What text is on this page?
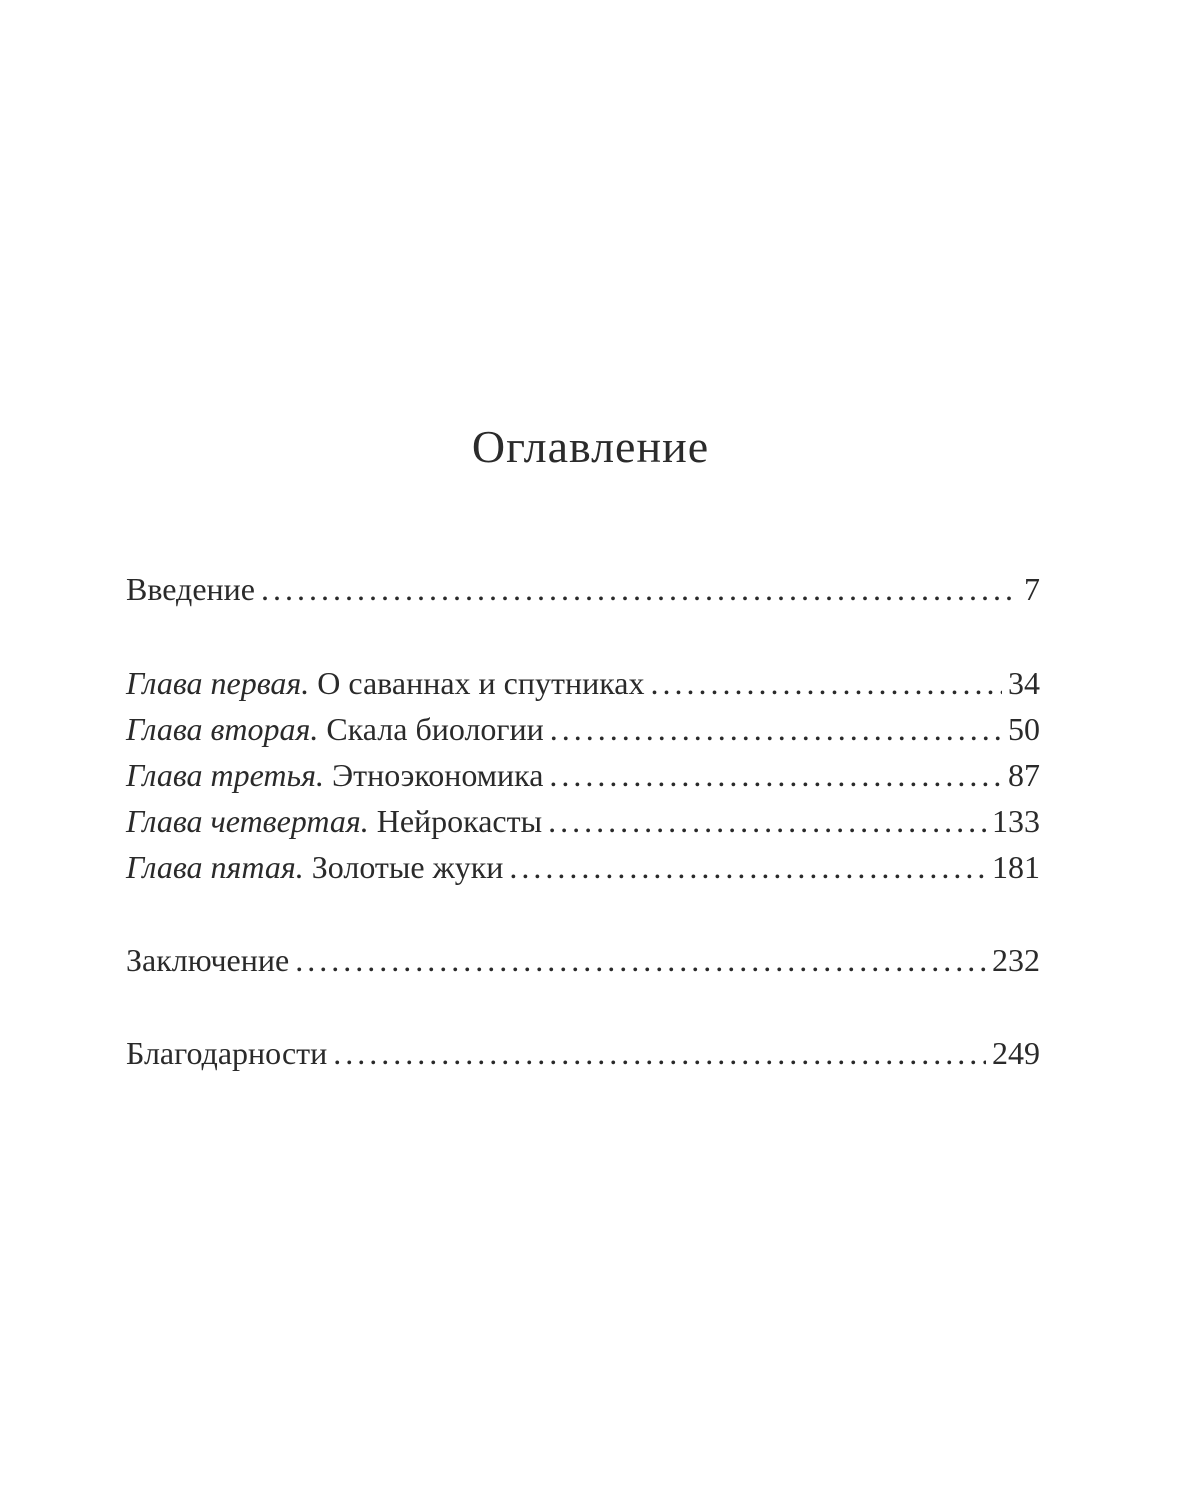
Оглавление
Введение . . .	7
Глава первая. О саваннах и спутниках . . .	34
Глава вторая. Скала биологии . . .	50
Глава третья. Этноэкономика . . .	87
Глава четвертая. Нейрокасты . . .	133
Глава пятая. Золотые жуки . . .	181
Заключение . . .	232
Благодарности . . .	249
